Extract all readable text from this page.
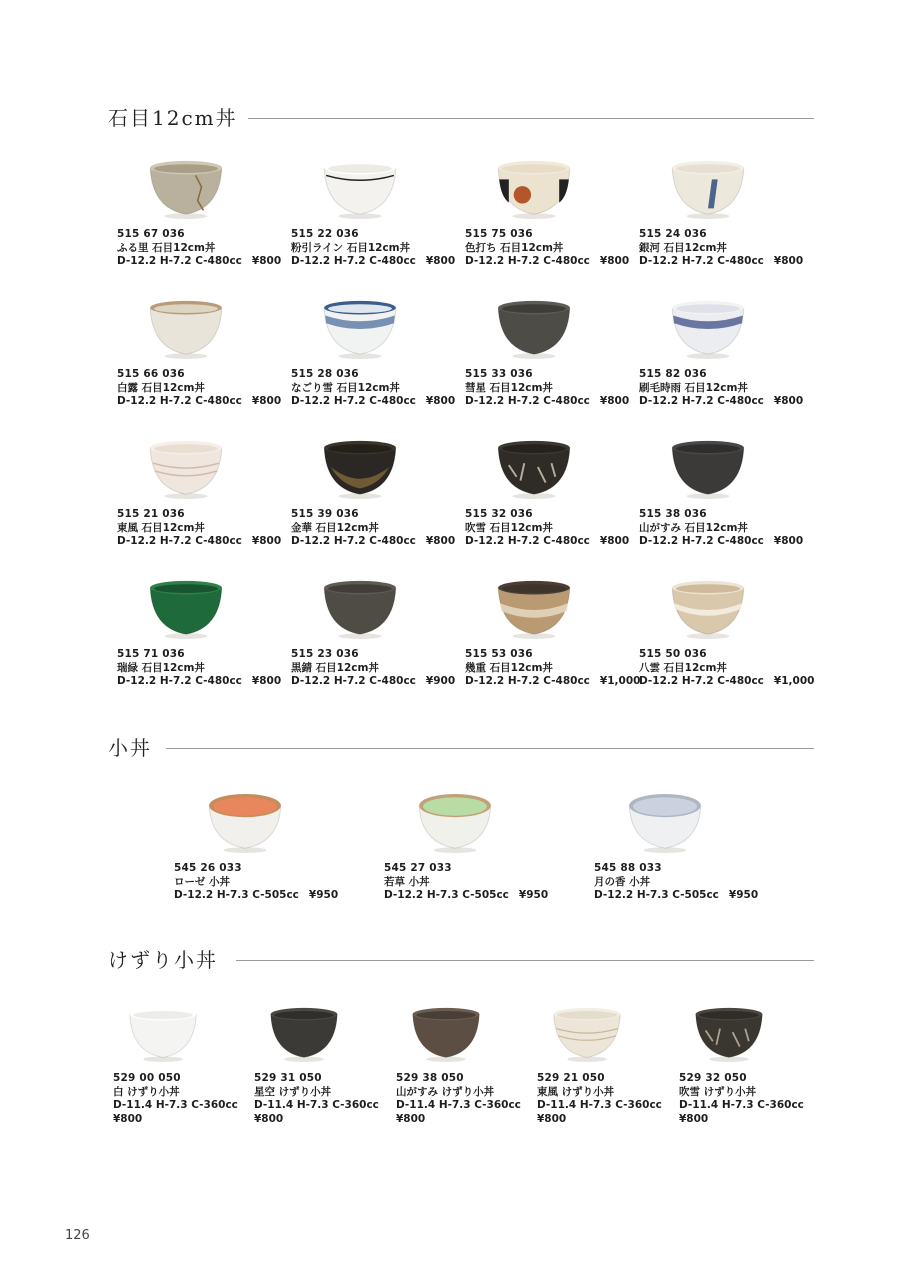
石目12cm丼
小丼
けずり小丼
515 67 036
ふる里 石目12cm丼
D-12.2 H-7.2 C-480cc ¥800
515 22 036
粉引ライン 石目12cm丼
D-12.2 H-7.2 C-480cc ¥800
515 75 036
色打ち 石目12cm丼
D-12.2 H-7.2 C-480cc ¥800
515 24 036
銀河 石目12cm丼
D-12.2 H-7.2 C-480cc ¥800
515 66 036
白露 石目12cm丼
D-12.2 H-7.2 C-480cc ¥800
515 28 036
なごり雪 石目12cm丼
D-12.2 H-7.2 C-480cc ¥800
515 33 036
彗星 石目12cm丼
D-12.2 H-7.2 C-480cc ¥800
515 82 036
刷毛時雨 石目12cm丼
D-12.2 H-7.2 C-480cc ¥800
515 21 036
東風 石目12cm丼
D-12.2 H-7.2 C-480cc ¥800
515 39 036
金華 石目12cm丼
D-12.2 H-7.2 C-480cc ¥800
515 32 036
吹雪 石目12cm丼
D-12.2 H-7.2 C-480cc ¥800
515 38 036
山がすみ 石目12cm丼
D-12.2 H-7.2 C-480cc ¥800
515 71 036
瑞緑 石目12cm丼
D-12.2 H-7.2 C-480cc ¥800
515 23 036
黒錆 石目12cm丼
D-12.2 H-7.2 C-480cc ¥900
515 53 036
幾重 石目12cm丼
D-12.2 H-7.2 C-480cc ¥1,000
515 50 036
八雲 石目12cm丼
D-12.2 H-7.2 C-480cc ¥1,000
545 26 033
ローゼ 小丼
D-12.2 H-7.3 C-505cc ¥950
545 27 033
若草 小丼
D-12.2 H-7.3 C-505cc ¥950
545 88 033
月の香 小丼
D-12.2 H-7.3 C-505cc ¥950
529 00 050
白 けずり小丼
D-11.4 H-7.3 C-360cc
¥800
529 31 050
星空 けずり小丼
D-11.4 H-7.3 C-360cc
¥800
529 38 050
山がすみ けずり小丼
D-11.4 H-7.3 C-360cc
¥800
529 21 050
東風 けずり小丼
D-11.4 H-7.3 C-360cc
¥800
529 32 050
吹雪 けずり小丼
D-11.4 H-7.3 C-360cc
¥800
126
